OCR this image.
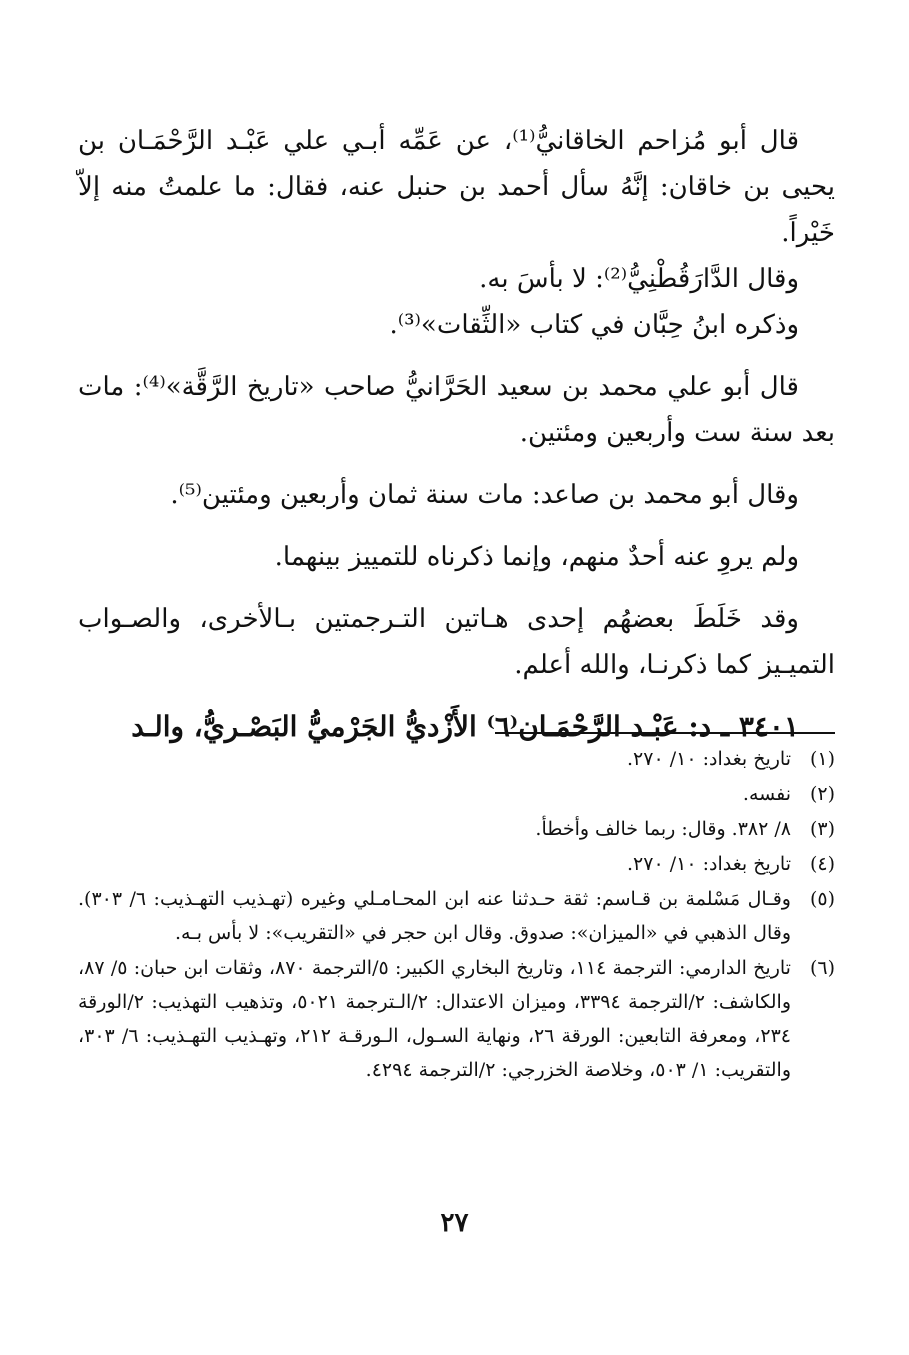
قال أبو مُزاحم الخاقانيُّ⁽¹⁾، عن عَمِّه أبـي علي عَبْـد الرَّحْمَـان بن يحيى بن خاقان: إنَّهُ سأل أحمد بن حنبل عنه، فقال: ما علمتُ منه إلاّ خَيْراً.

وقال الدَّارَقُطْنِيُّ⁽²⁾: لا بأسَ به.

وذكره ابنُ حِبَّان في كتاب «الثِّقات»⁽³⁾.

قال أبو علي محمد بن سعيد الحَرَّانيُّ صاحب «تاريخ الرَّقَّة»⁽⁴⁾: مات بعد سنة ست وأربعين ومئتين.

وقال أبو محمد بن صاعد: مات سنة ثمان وأربعين ومئتين⁽⁵⁾.

ولم يروِ عنه أحدٌ منهم، وإنما ذكرناه للتمييز بينهما.

وقد خَلَطَ بعضهُم إحدى هـاتين التـرجمتين بـالأخرى، والصـواب التميـيز كما ذكرنـا، والله أعلم.

٣٤٠١ ـ د: عَبْـد الرَّحْمَـان⁽٦⁾ الأَزْديُّ الجَرْميُّ البَصْـريُّ، والـد

(١)
تاريخ بغداد: ١٠/ ٢٧٠.
(٢)
نفسه.
(٣)
٨/ ٣٨٢. وقال: ربما خالف وأخطأ.
(٤)
تاريخ بغداد: ١٠/ ٢٧٠.
(٥)
وقـال مَسْلمة بن قـاسم: ثقة حـدثنا عنه ابن المحـامـلي وغيره (تهـذيب التهـذيب: ٦/ ٣٠٣). وقال الذهبي في «الميزان»: صدوق. وقال ابن حجر في «التقريب»: لا بأس بـه.
(٦)
تاريخ الدارمي: الترجمة ١١٤، وتاريخ البخاري الكبير: ٥/الترجمة ٨٧٠، وثقات ابن حبان: ٥/ ٨٧، والكاشف: ٢/الترجمة ٣٣٩٤، وميزان الاعتدال: ٢/الـترجمة ٥٠٢١، وتذهيب التهذيب: ٢/الورقة ٢٣٤، ومعرفة التابعين: الورقة ٢٦، ونهاية السـول، الـورقـة ٢١٢، وتهـذيب التهـذيب: ٦/ ٣٠٣، والتقريب: ١/ ٥٠٣، وخلاصة الخزرجي: ٢/الترجمة ٤٢٩٤.
٢٧
